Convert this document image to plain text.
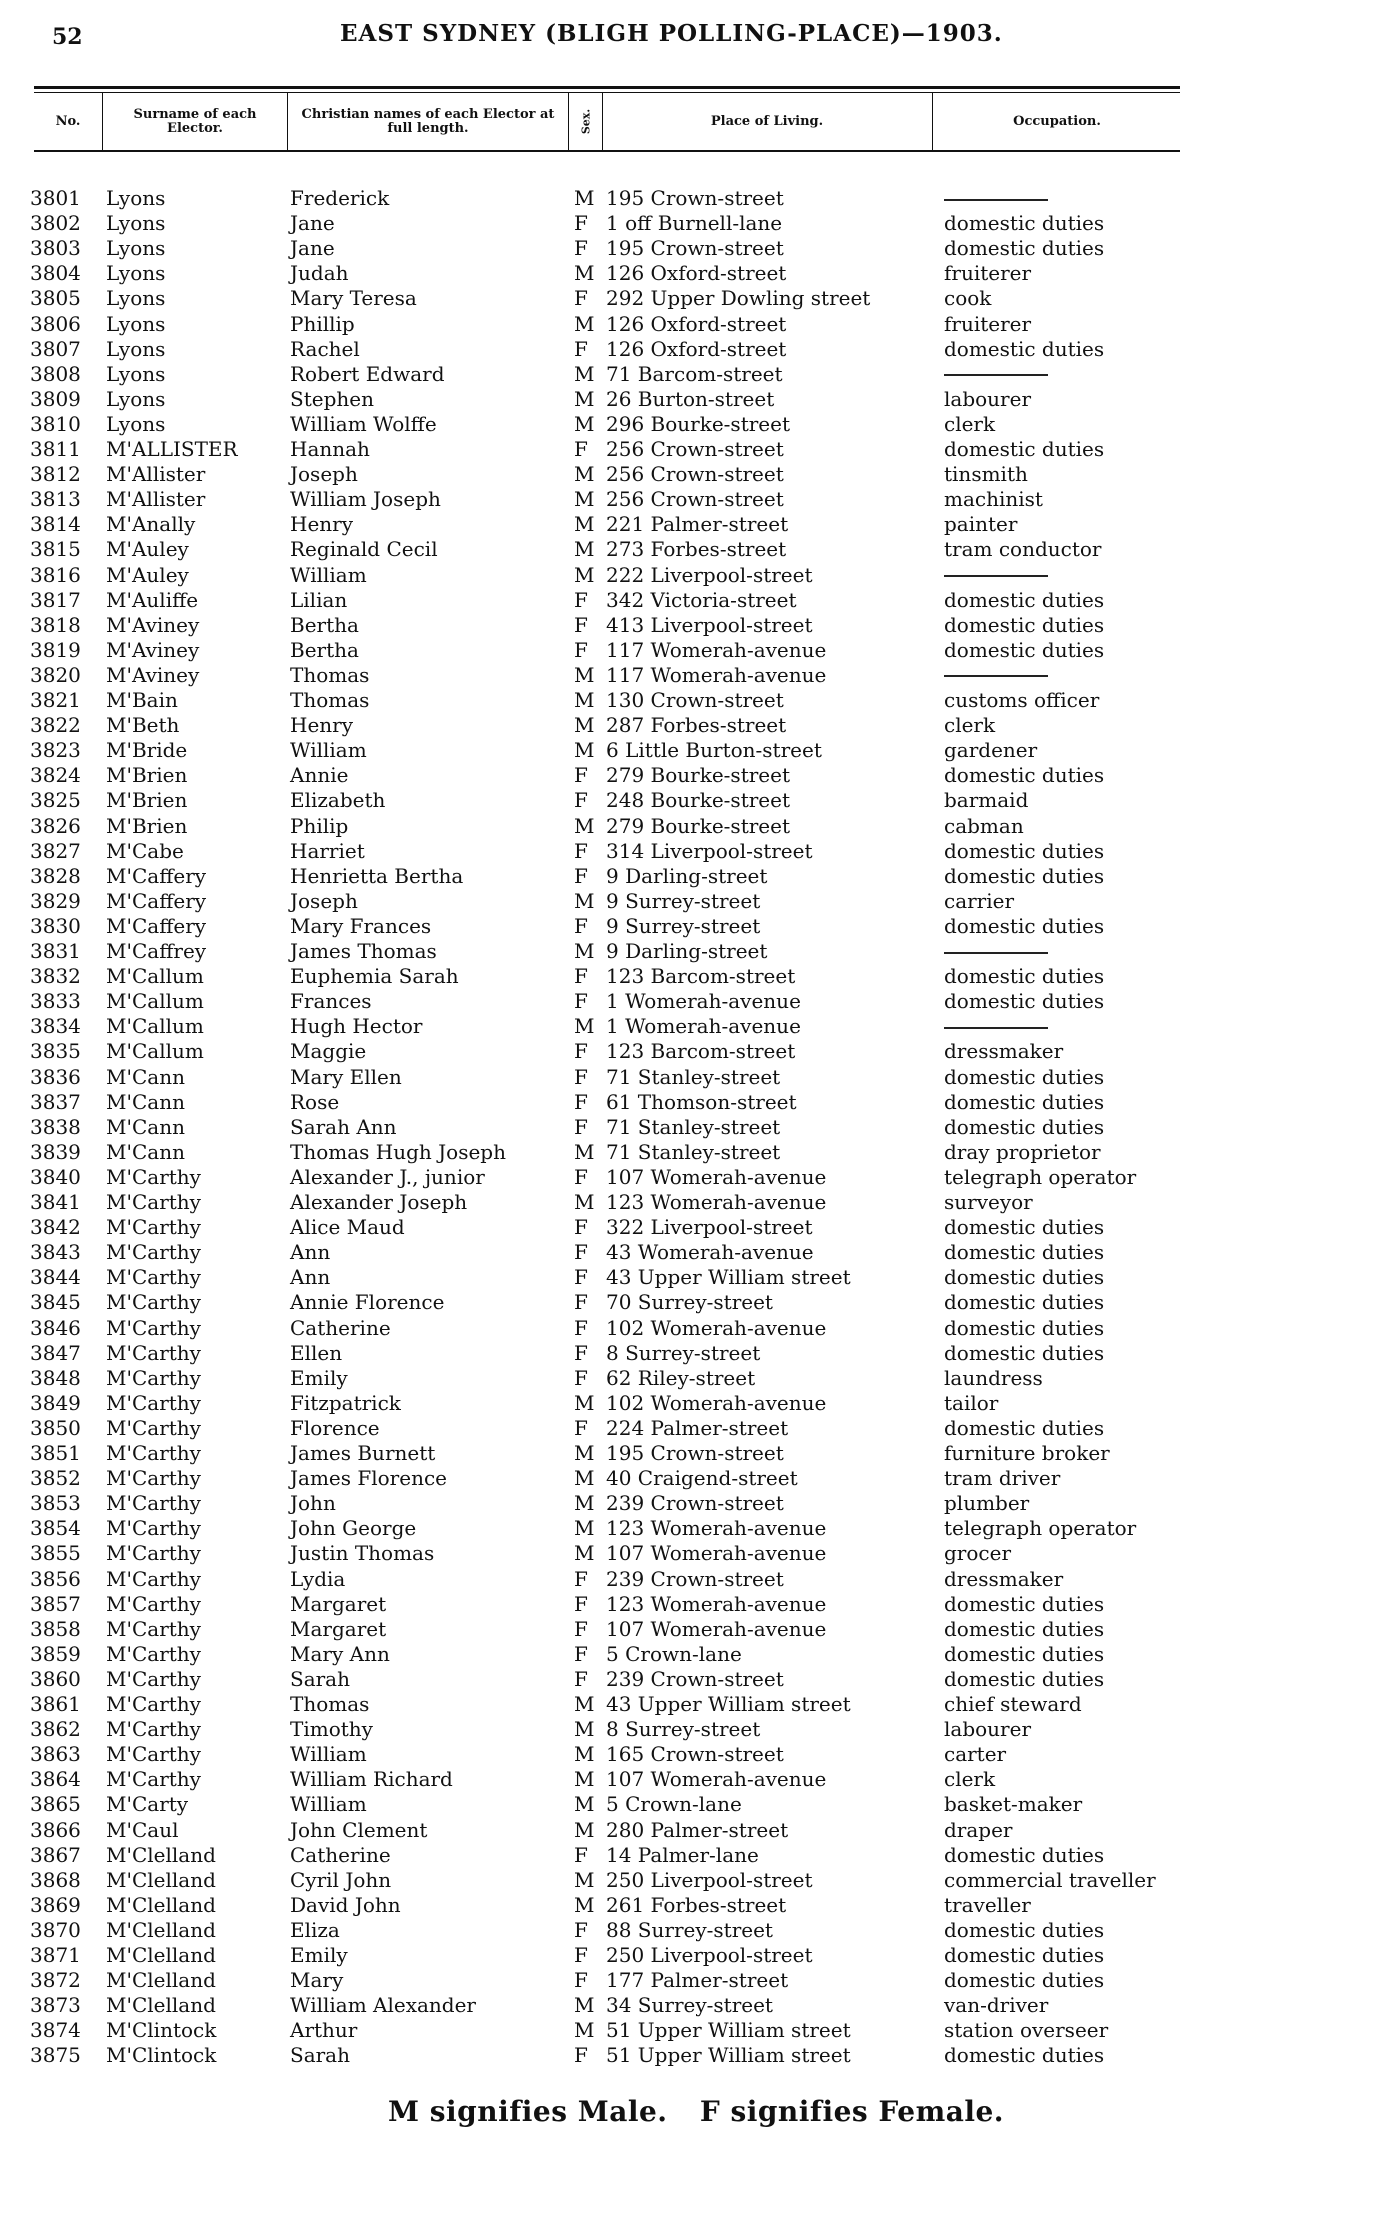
52	EAST SYDNEY (BLIGH POLLING-PLACE)—1903.
No.	Surname of each Elector.
Christian names of each Elector at full length.	Sex.	Place of Living.	Occupation.
3801	Lyons	Frederick	M 195 Crown-street
3802	Lyons	Jane	F 1 off Burnell-lane	domestic duties
3803	Lyons	Jane	F 195 Crown-street	domestic duties
3804	Lyons	Judah	M 126 Oxford-street	fruiterer
3805	Lyons	Mary Teresa	F 292 Upper Dowling street	cook
3806	Lyons	Phillip	M 126 Oxford-street	fruiterer
3807	Lyons	Rachel	F 126 Oxford-street	domestic duties
3808	Lyons	Robert Edward	M 71 Barcom-street
3809	Lyons	Stephen	M 26 Burton-street	labourer
3810	Lyons	William Wolffe	M 296 Bourke-street	clerk
3811	M'ALLISTER	Hannah	F 256 Crown-street	domestic duties
3812	M'Allister	Joseph	M 256 Crown-street	tinsmith
3813	M'Allister	William Joseph	M 256 Crown-street	machinist
3814	M'Anally	Henry	M 221 Palmer-street	painter
3815	M'Auley	Reginald Cecil	M 273 Forbes-street	tram conductor
3816	M'Auley	William	M 222 Liverpool-street
3817	M'Auliffe	Lilian	F 342 Victoria-street	domestic duties
3818	M'Aviney	Bertha	F 413 Liverpool-street	domestic duties
3819	M'Aviney	Bertha	F 117 Womerah-avenue	domestic duties
3820	M'Aviney	Thomas	M 117 Womerah-avenue
3821	M'Bain	Thomas	M 130 Crown-street	customs officer
3822	M'Beth	Henry	M 287 Forbes-street	clerk
3823	M'Bride	William	M 6 Little Burton-street	gardener
3824	M'Brien	Annie	F 279 Bourke-street	domestic duties
3825	M'Brien	Elizabeth	F 248 Bourke-street	barmaid
3826	M'Brien	Philip	M 279 Bourke-street	cabman
3827	M'Cabe	Harriet	F 314 Liverpool-street	domestic duties
3828	M'Caffery	Henrietta Bertha	F 9 Darling-street	domestic duties
3829	M'Caffery	Joseph	M 9 Surrey-street	carrier
3830	M'Caffery	Mary Frances	F 9 Surrey-street	domestic duties
3831	M'Caffrey	James Thomas	M 9 Darling-street
3832	M'Callum	Euphemia Sarah	F 123 Barcom-street	domestic duties
3833	M'Callum	Frances	F 1 Womerah-avenue	domestic duties
3834	M'Callum	Hugh Hector	M 1 Womerah-avenue
3835	M'Callum	Maggie	F 123 Barcom-street	dressmaker
3836	M'Cann	Mary Ellen	F 71 Stanley-street	domestic duties
3837	M'Cann	Rose	F 61 Thomson-street	domestic duties
3838	M'Cann	Sarah Ann	F 71 Stanley-street	domestic duties
3839	M'Cann	Thomas Hugh Joseph	M 71 Stanley-street	dray proprietor
3840	M'Carthy	Alexander J., junior	F 107 Womerah-avenue	telegraph operator
3841	M'Carthy	Alexander Joseph	M 123 Womerah-avenue	surveyor
3842	M'Carthy	Alice Maud	F 322 Liverpool-street	domestic duties
3843	M'Carthy	Ann	F 43 Womerah-avenue	domestic duties
3844	M'Carthy	Ann	F 43 Upper William street	domestic duties
3845	M'Carthy	Annie Florence	F 70 Surrey-street	domestic duties
3846	M'Carthy	Catherine	F 102 Womerah-avenue	domestic duties
3847	M'Carthy	Ellen	F 8 Surrey-street	domestic duties
3848	M'Carthy	Emily	F 62 Riley-street	laundress
3849	M'Carthy	Fitzpatrick	M 102 Womerah-avenue	tailor
3850	M'Carthy	Florence	F 224 Palmer-street	domestic duties
3851	M'Carthy	James Burnett	M 195 Crown-street	furniture broker
3852	M'Carthy	James Florence	M 40 Craigend-street	tram driver
3853	M'Carthy	John	M 239 Crown-street	plumber
3854	M'Carthy	John George	M 123 Womerah-avenue	telegraph operator
3855	M'Carthy	Justin Thomas	M 107 Womerah-avenue	grocer
3856	M'Carthy	Lydia	F 239 Crown-street	dressmaker
3857	M'Carthy	Margaret	F 123 Womerah-avenue	domestic duties
3858	M'Carthy	Margaret	F 107 Womerah-avenue	domestic duties
3859	M'Carthy	Mary Ann	F 5 Crown-lane	domestic duties
3860	M'Carthy	Sarah	F 239 Crown-street	domestic duties
3861	M'Carthy	Thomas	M 43 Upper William street	chief steward
3862	M'Carthy	Timothy	M 8 Surrey-street	labourer
3863	M'Carthy	William	M 165 Crown-street	carter
3864	M'Carthy	William Richard	M 107 Womerah-avenue	clerk
3865	M'Carty	William	M 5 Crown-lane	basket-maker
3866	M'Caul	John Clement	M 280 Palmer-street	draper
3867	M'Clelland	Catherine	F 14 Palmer-lane	domestic duties
3868	M'Clelland	Cyril John	M 250 Liverpool-street	commercial traveller
3869	M'Clelland	David John	M 261 Forbes-street	traveller
3870	M'Clelland	Eliza	F 88 Surrey-street	domestic duties
3871	M'Clelland	Emily	F 250 Liverpool-street	domestic duties
3872	M'Clelland	Mary	F 177 Palmer-street	domestic duties
3873	M'Clelland	William Alexander	M 34 Surrey-street	van-driver
3874	M'Clintock	Arthur	M 51 Upper William street	station overseer
3875	M'Clintock	Sarah	F 51 Upper William street	domestic duties
M signifies Male. F signifies Female.
